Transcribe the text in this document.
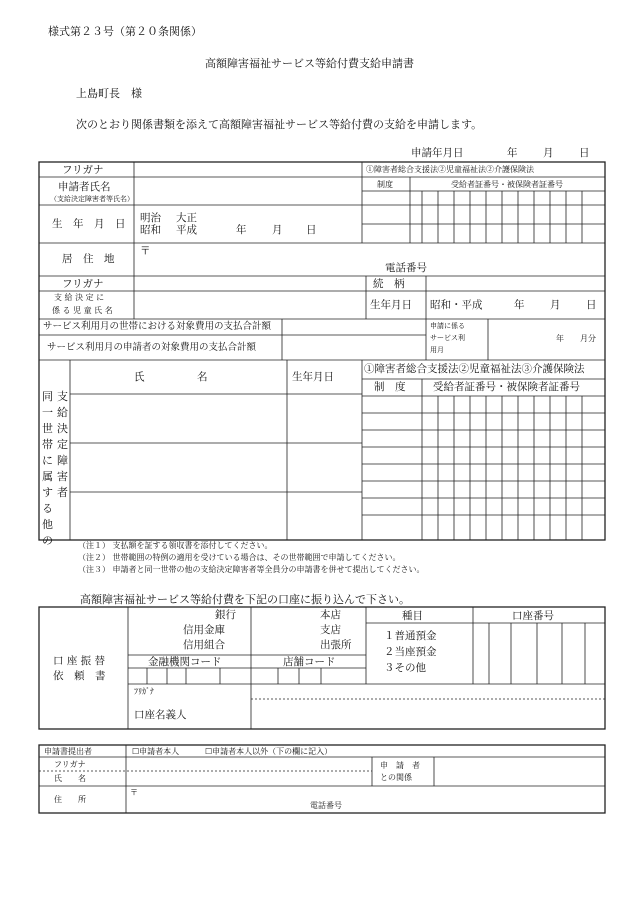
様式第２３号（第２０条関係）
高額障害福祉サービス等給付費支給申請書
上島町長　様
次のとおり関係書類を添えて高額障害福祉サービス等給付費の支給を申請します。
申請年月日	年 月 日
フリガナ
申請者氏名
（支給決定障害者等氏名）
生　年　月　日 明治 大正
昭和 平成	年 月 日
居　住　地
〒
電話番号
①障害者総合支援法②児童福祉法②介護保険法
制度	受給者証番号・被保険者証番号
フリガナ
支 給 決 定 に
係 る 児 童 氏 名
続　柄
生年月日 昭和・平成	年 月 日
サービス利用月の世帯における対象費用の支払合計額
サービス利用月の申請者の対象費用の支払合計額
申請に係る
サービス利
用月
年 月分
同一世帯に属する他の
支給決定障害者
氏　　　　　名	生年月日
①障害者総合支援法②児童福祉法③介護保険法
制　度	受給者証番号・被保険者証番号
（注１） 支払額を証する領収書を添付してください。
（注２） 世帯範囲の特例の適用を受けている場合は、その世帯範囲で申請してください。
（注３） 申請者と同一世帯の他の支給決定障害者等全員分の申請書を併せて提出してください。
高額障害福祉サービス等給付費を下記の口座に振り込んで下さい。
口 座 振 替
依　頼　書
銀行
信用金庫
信用組合
本店
支店
出張所
金融機関コード	店舗コード
種目
１普通預金
２当座預金
３その他
口座番号
ﾌﾘｶﾞﾅ
口座名義人
申請書提出者	☐申請者本人	☐申請者本人以外（下の欄に記入）
フリガナ
氏　　名
申　請　者
との関係
住　　所
〒
電話番号
